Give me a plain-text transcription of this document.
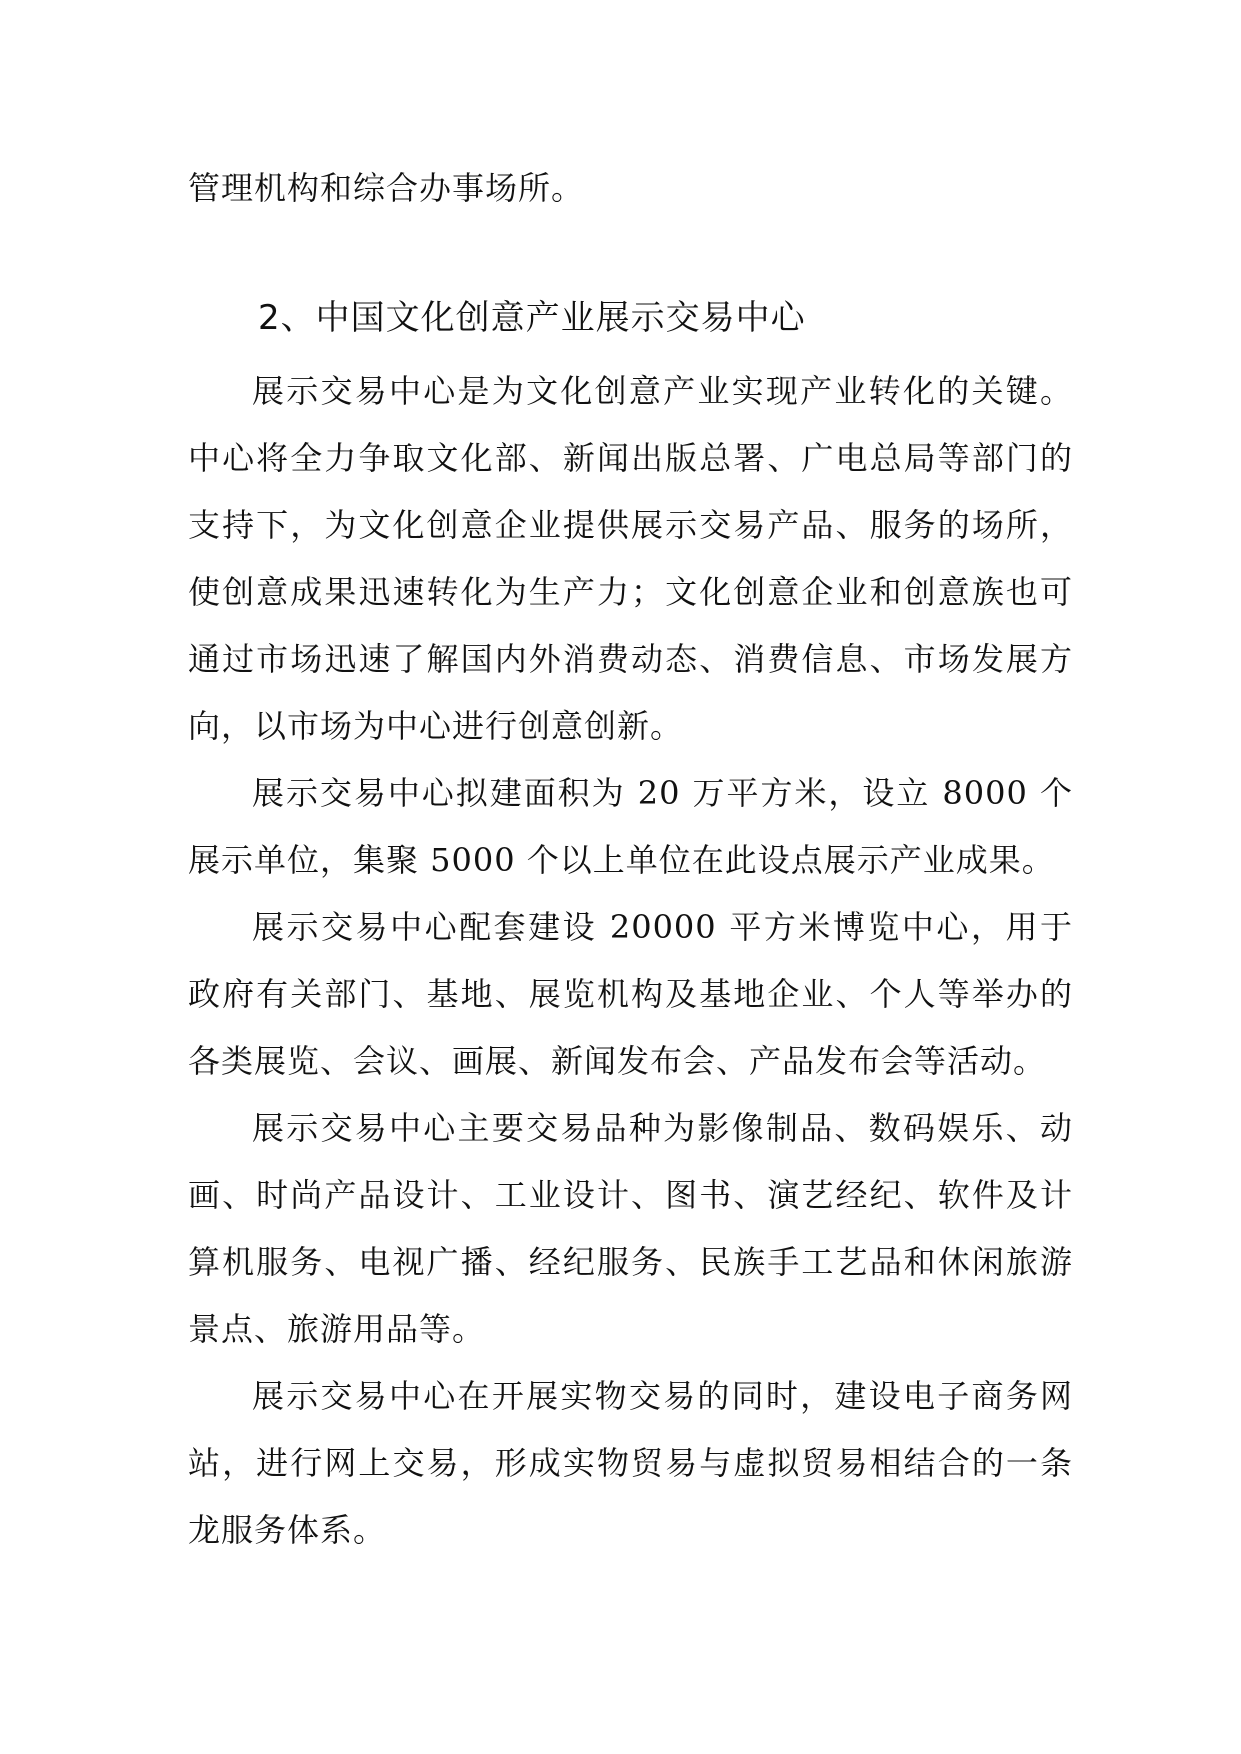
管理机构和综合办事场所。
2、中国文化创意产业展示交易中心

展示交易中心是为文化创意产业实现产业转化的关键。中心将全力争取文化部、新闻出版总署、广电总局等部门的支持下，为文化创意企业提供展示交易产品、服务的场所，使创意成果迅速转化为生产力；文化创意企业和创意族也可通过市场迅速了解国内外消费动态、消费信息、市场发展方向，以市场为中心进行创意创新。

展示交易中心拟建面积为 20 万平方米，设立 8000 个展示单位，集聚 5000 个以上单位在此设点展示产业成果。

展示交易中心配套建设 20000 平方米博览中心，用于政府有关部门、基地、展览机构及基地企业、个人等举办的各类展览、会议、画展、新闻发布会、产品发布会等活动。

展示交易中心主要交易品种为影像制品、数码娱乐、动画、时尚产品设计、工业设计、图书、演艺经纪、软件及计算机服务、电视广播、经纪服务、民族手工艺品和休闲旅游景点、旅游用品等。

展示交易中心在开展实物交易的同时，建设电子商务网站，进行网上交易，形成实物贸易与虚拟贸易相结合的一条龙服务体系。
